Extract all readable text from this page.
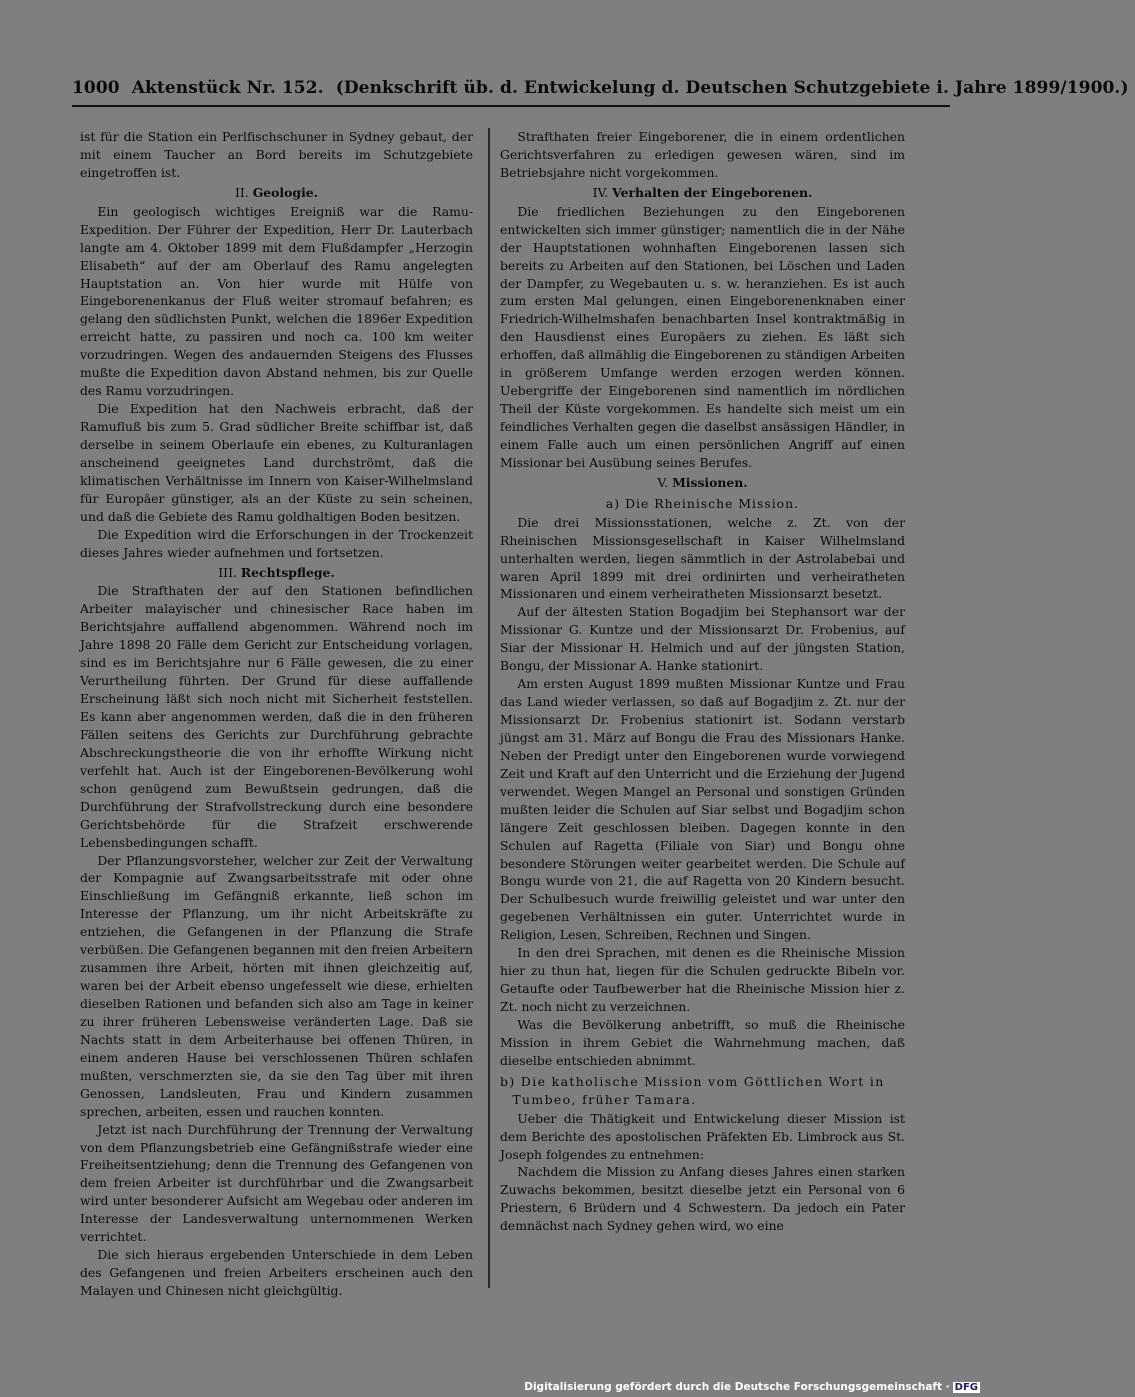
1000 Aktenstück Nr. 152. (Denkschrift üb. d. Entwickelung d. Deutschen Schutzgebiete i. Jahre 1899/1900.)

ist für die Station ein Perlfischschuner in Sydney gebaut, der mit einem Taucher an Bord bereits im Schutzgebiete eingetroffen ist.

II. Geologie.

Ein geologisch wichtiges Ereigniß war die Ramu-Expedition. Der Führer der Expedition, Herr Dr. Lauterbach langte am 4. Oktober 1899 mit dem Flußdampfer „Herzogin Elisabeth“ auf der am Oberlauf des Ramu angelegten Hauptstation an. Von hier wurde mit Hülfe von Eingeborenenkanus der Fluß weiter stromauf befahren; es gelang den südlichsten Punkt, welchen die 1896er Expedition erreicht hatte, zu passiren und noch ca. 100 km weiter vorzudringen. Wegen des andauernden Steigens des Flusses mußte die Expedition davon Abstand nehmen, bis zur Quelle des Ramu vorzudringen.

Die Expedition hat den Nachweis erbracht, daß der Ramufluß bis zum 5. Grad südlicher Breite schiffbar ist, daß derselbe in seinem Oberlaufe ein ebenes, zu Kulturanlagen anscheinend geeignetes Land durchströmt, daß die klimatischen Verhältnisse im Innern von Kaiser-Wilhelmsland für Europäer günstiger, als an der Küste zu sein scheinen, und daß die Gebiete des Ramu goldhaltigen Boden besitzen.

Die Expedition wird die Erforschungen in der Trockenzeit dieses Jahres wieder aufnehmen und fortsetzen.

III. Rechtspflege.

Die Strafthaten der auf den Stationen befindlichen Arbeiter malayischer und chinesischer Race haben im Berichtsjahre auffallend abgenommen. Während noch im Jahre 1898 20 Fälle dem Gericht zur Entscheidung vorlagen, sind es im Berichtsjahre nur 6 Fälle gewesen, die zu einer Verurtheilung führten. Der Grund für diese auffallende Erscheinung läßt sich noch nicht mit Sicherheit feststellen. Es kann aber angenommen werden, daß die in den früheren Fällen seitens des Gerichts zur Durchführung gebrachte Abschreckungstheorie die von ihr erhoffte Wirkung nicht verfehlt hat. Auch ist der Eingeborenen-Bevölkerung wohl schon genügend zum Bewußtsein gedrungen, daß die Durchführung der Strafvollstreckung durch eine besondere Gerichtsbehörde für die Strafzeit erschwerende Lebensbedingungen schafft.

Der Pflanzungsvorsteher, welcher zur Zeit der Verwaltung der Kompagnie auf Zwangsarbeitsstrafe mit oder ohne Einschließung im Gefängniß erkannte, ließ schon im Interesse der Pflanzung, um ihr nicht Arbeitskräfte zu entziehen, die Gefangenen in der Pflanzung die Strafe verbüßen. Die Gefangenen begannen mit den freien Arbeitern zusammen ihre Arbeit, hörten mit ihnen gleichzeitig auf, waren bei der Arbeit ebenso ungefesselt wie diese, erhielten dieselben Rationen und befanden sich also am Tage in keiner zu ihrer früheren Lebensweise veränderten Lage. Daß sie Nachts statt in dem Arbeiterhause bei offenen Thüren, in einem anderen Hause bei verschlossenen Thüren schlafen mußten, verschmerzten sie, da sie den Tag über mit ihren Genossen, Landsleuten, Frau und Kindern zusammen sprechen, arbeiten, essen und rauchen konnten.

Jetzt ist nach Durchführung der Trennung der Verwaltung von dem Pflanzungsbetrieb eine Gefängnißstrafe wieder eine Freiheitsentziehung; denn die Trennung des Gefangenen von dem freien Arbeiter ist durchführbar und die Zwangsarbeit wird unter besonderer Aufsicht am Wegebau oder anderen im Interesse der Landesverwaltung unternommenen Werken verrichtet.

Die sich hieraus ergebenden Unterschiede in dem Leben des Gefangenen und freien Arbeiters erscheinen auch den Malayen und Chinesen nicht gleichgültig.

Strafthaten freier Eingeborener, die in einem ordentlichen Gerichtsverfahren zu erledigen gewesen wären, sind im Betriebsjahre nicht vorgekommen.

IV. Verhalten der Eingeborenen.

Die friedlichen Beziehungen zu den Eingeborenen entwickelten sich immer günstiger; namentlich die in der Nähe der Hauptstationen wohnhaften Eingeborenen lassen sich bereits zu Arbeiten auf den Stationen, bei Löschen und Laden der Dampfer, zu Wegebauten u. s. w. heranziehen. Es ist auch zum ersten Mal gelungen, einen Eingeborenenknaben einer Friedrich-Wilhelmshafen benachbarten Insel kontraktmäßig in den Hausdienst eines Europäers zu ziehen. Es läßt sich erhoffen, daß allmählig die Eingeborenen zu ständigen Arbeiten in größerem Umfange werden erzogen werden können. Uebergriffe der Eingeborenen sind namentlich im nördlichen Theil der Küste vorgekommen. Es handelte sich meist um ein feindliches Verhalten gegen die daselbst ansässigen Händler, in einem Falle auch um einen persönlichen Angriff auf einen Missionar bei Ausübung seines Berufes.

V. Missionen.
a) Die Rheinische Mission.

Die drei Missionsstationen, welche z. Zt. von der Rheinischen Missionsgesellschaft in Kaiser Wilhelmsland unterhalten werden, liegen sämmtlich in der Astrolabebai und waren April 1899 mit drei ordinirten und verheiratheten Missionaren und einem verheiratheten Missionsarzt besetzt.

Auf der ältesten Station Bogadjim bei Stephansort war der Missionar G. Kuntze und der Missionsarzt Dr. Frobenius, auf Siar der Missionar H. Helmich und auf der jüngsten Station, Bongu, der Missionar A. Hanke stationirt.

Am ersten August 1899 mußten Missionar Kuntze und Frau das Land wieder verlassen, so daß auf Bogadjim z. Zt. nur der Missionsarzt Dr. Frobenius stationirt ist. Sodann verstarb jüngst am 31. März auf Bongu die Frau des Missionars Hanke. Neben der Predigt unter den Eingeborenen wurde vorwiegend Zeit und Kraft auf den Unterricht und die Erziehung der Jugend verwendet. Wegen Mangel an Personal und sonstigen Gründen mußten leider die Schulen auf Siar selbst und Bogadjim schon längere Zeit geschlossen bleiben. Dagegen konnte in den Schulen auf Ragetta (Filiale von Siar) und Bongu ohne besondere Störungen weiter gearbeitet werden. Die Schule auf Bongu wurde von 21, die auf Ragetta von 20 Kindern besucht. Der Schulbesuch wurde freiwillig geleistet und war unter den gegebenen Verhältnissen ein guter. Unterrichtet wurde in Religion, Lesen, Schreiben, Rechnen und Singen.

In den drei Sprachen, mit denen es die Rheinische Mission hier zu thun hat, liegen für die Schulen gedruckte Bibeln vor. Getaufte oder Taufbewerber hat die Rheinische Mission hier z. Zt. noch nicht zu verzeichnen.

Was die Bevölkerung anbetrifft, so muß die Rheinische Mission in ihrem Gebiet die Wahrnehmung machen, daß dieselbe entschieden abnimmt.

b) Die katholische Mission vom Göttlichen Wort in Tumbeo, früher Tamara.

Ueber die Thätigkeit und Entwickelung dieser Mission ist dem Berichte des apostolischen Präfekten Eb. Limbrock aus St. Joseph folgendes zu entnehmen:

Nachdem die Mission zu Anfang dieses Jahres einen starken Zuwachs bekommen, besitzt dieselbe jetzt ein Personal von 6 Priestern, 6 Brüdern und 4 Schwestern. Da jedoch ein Pater demnächst nach Sydney gehen wird, wo eine

Digitalisierung gefördert durch die Deutsche Forschungsgemeinschaft · DFG
